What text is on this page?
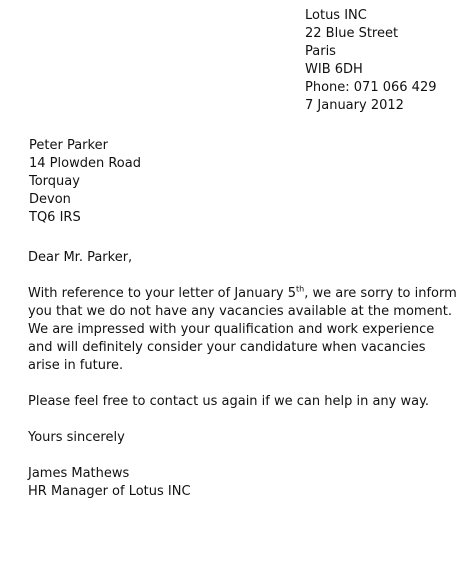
Lotus INC
22 Blue Street
Paris
WIB 6DH
Phone: 071 066 429
7 January 2012
Peter Parker
14 Plowden Road
Torquay
Devon
TQ6 IRS
Dear Mr. Parker,
With reference to your letter of January 5th, we are sorry to inform
you that we do not have any vacancies available at the moment.
We are impressed with your qualification and work experience
and will definitely consider your candidature when vacancies
arise in future.
Please feel free to contact us again if we can help in any way.
Yours sincerely
James Mathews
HR Manager of Lotus INC
